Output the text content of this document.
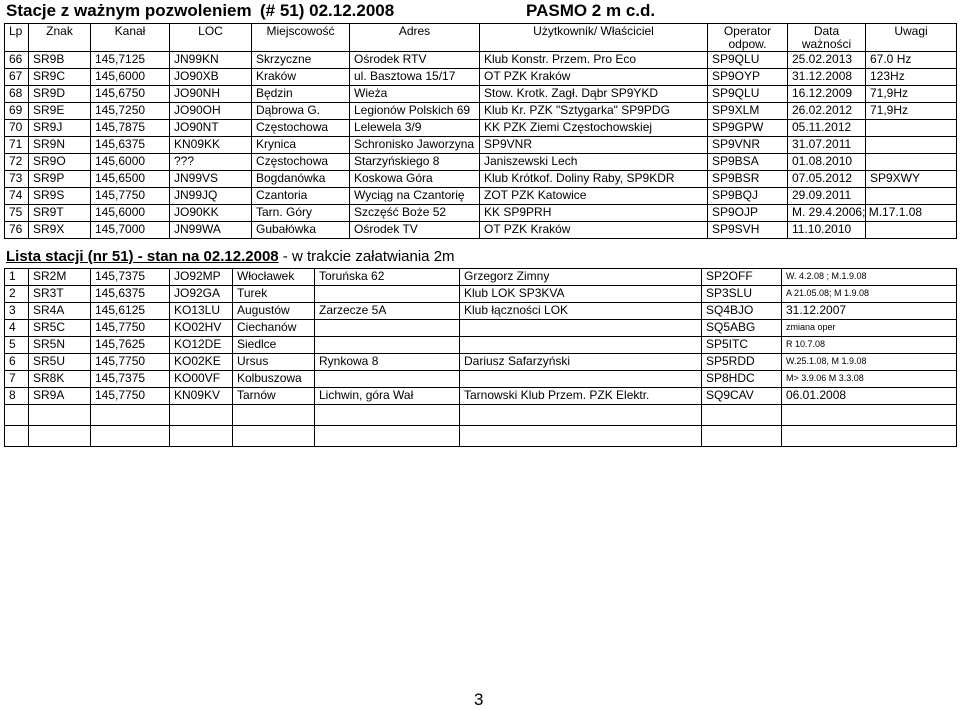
Stacje z ważnym pozwoleniem (# 51) 02.12.2008	PASMO 2 m c.d.
Lp	Znak	Kanał	LOC	Miejscowość	Adres	Użytkownik/ Właściciel	Operator odpow.	Data ważności	Uwagi
66	SR9B	145,7125	JN99KN	Skrzyczne	Ośrodek RTV	Klub Konstr. Przem. Pro Eco	SP9QLU	25.02.2013	67.0 Hz
67	SR9C	145,6000	JO90XB	Kraków	ul. Basztowa 15/17	OT PZK Kraków	SP9OYP	31.12.2008	123Hz
68	SR9D	145,6750	JO90NH	Będzin	Wieża	Stow. Krotk. Zagł. Dąbr SP9YKD	SP9QLU	16.12.2009	71,9Hz
69	SR9E	145,7250	JO90OH	Dąbrowa G.	Legionów Polskich 69	Klub Kr. PZK "Sztygarka" SP9PDG	SP9XLM	26.02.2012	71,9Hz
70	SR9J	145,7875	JO90NT	Częstochowa	Lelewela 3/9	KK PZK Ziemi Częstochowskiej	SP9GPW	05.11.2012	
71	SR9N	145,6375	KN09KK	Krynica	Schronisko Jaworzyna	SP9VNR	SP9VNR	31.07.2011	
72	SR9O	145,6000	???	Częstochowa	Starzyńskiego 8	Janiszewski Lech	SP9BSA	01.08.2010	
73	SR9P	145,6500	JN99VS	Bogdanówka	Koskowa Góra	Klub Krótkof. Doliny Raby, SP9KDR	SP9BSR	07.05.2012	SP9XWY
74	SR9S	145,7750	JN99JQ	Czantoria	Wyciąg na Czantorię	ZOT PZK Katowice	SP9BQJ	29.09.2011	
75	SR9T	145,6000	JO90KK	Tarn. Góry	Szczęść Boże 52	KK SP9PRH	SP9OJP	M. 29.4.2006; M.17.1.08	
76	SR9X	145,7000	JN99WA	Gubałówka	Ośrodek TV	OT PZK Kraków	SP9SVH	11.10.2010	
Lista stacji (nr 51) - stan na 02.12.2008 - w trakcie załatwiania 2m
1	SR2M	145,7375	JO92MP	Włocławek	Toruńska 62	Grzegorz Zimny	SP2OFF	W. 4.2.08 ; M.1.9.08
2	SR3T	145,6375	JO92GA	Turek		Klub LOK SP3KVA	SP3SLU	A 21.05.08; M 1.9.08
3	SR4A	145,6125	KO13LU	Augustów	Zarzecze 5A	Klub łączności LOK	SQ4BJO	31.12.2007
4	SR5C	145,7750	KO02HV	Ciechanów			SQ5ABG	zmiana oper
5	SR5N	145,7625	KO12DE	Siedlce			SP5ITC	R 10.7.08
6	SR5U	145,7750	KO02KE	Ursus	Rynkowa 8	Dariusz Safarzyński	SP5RDD	W.25.1.08, M 1.9.08
7	SR8K	145,7375	KO00VF	Kolbuszowa			SP8HDC	M> 3.9.06 M 3.3.08
8	SR9A	145,7750	KN09KV	Tarnów	Lichwin, góra Wał	Tarnowski Klub Przem. PZK Elektr.	SQ9CAV	06.01.2008

3
